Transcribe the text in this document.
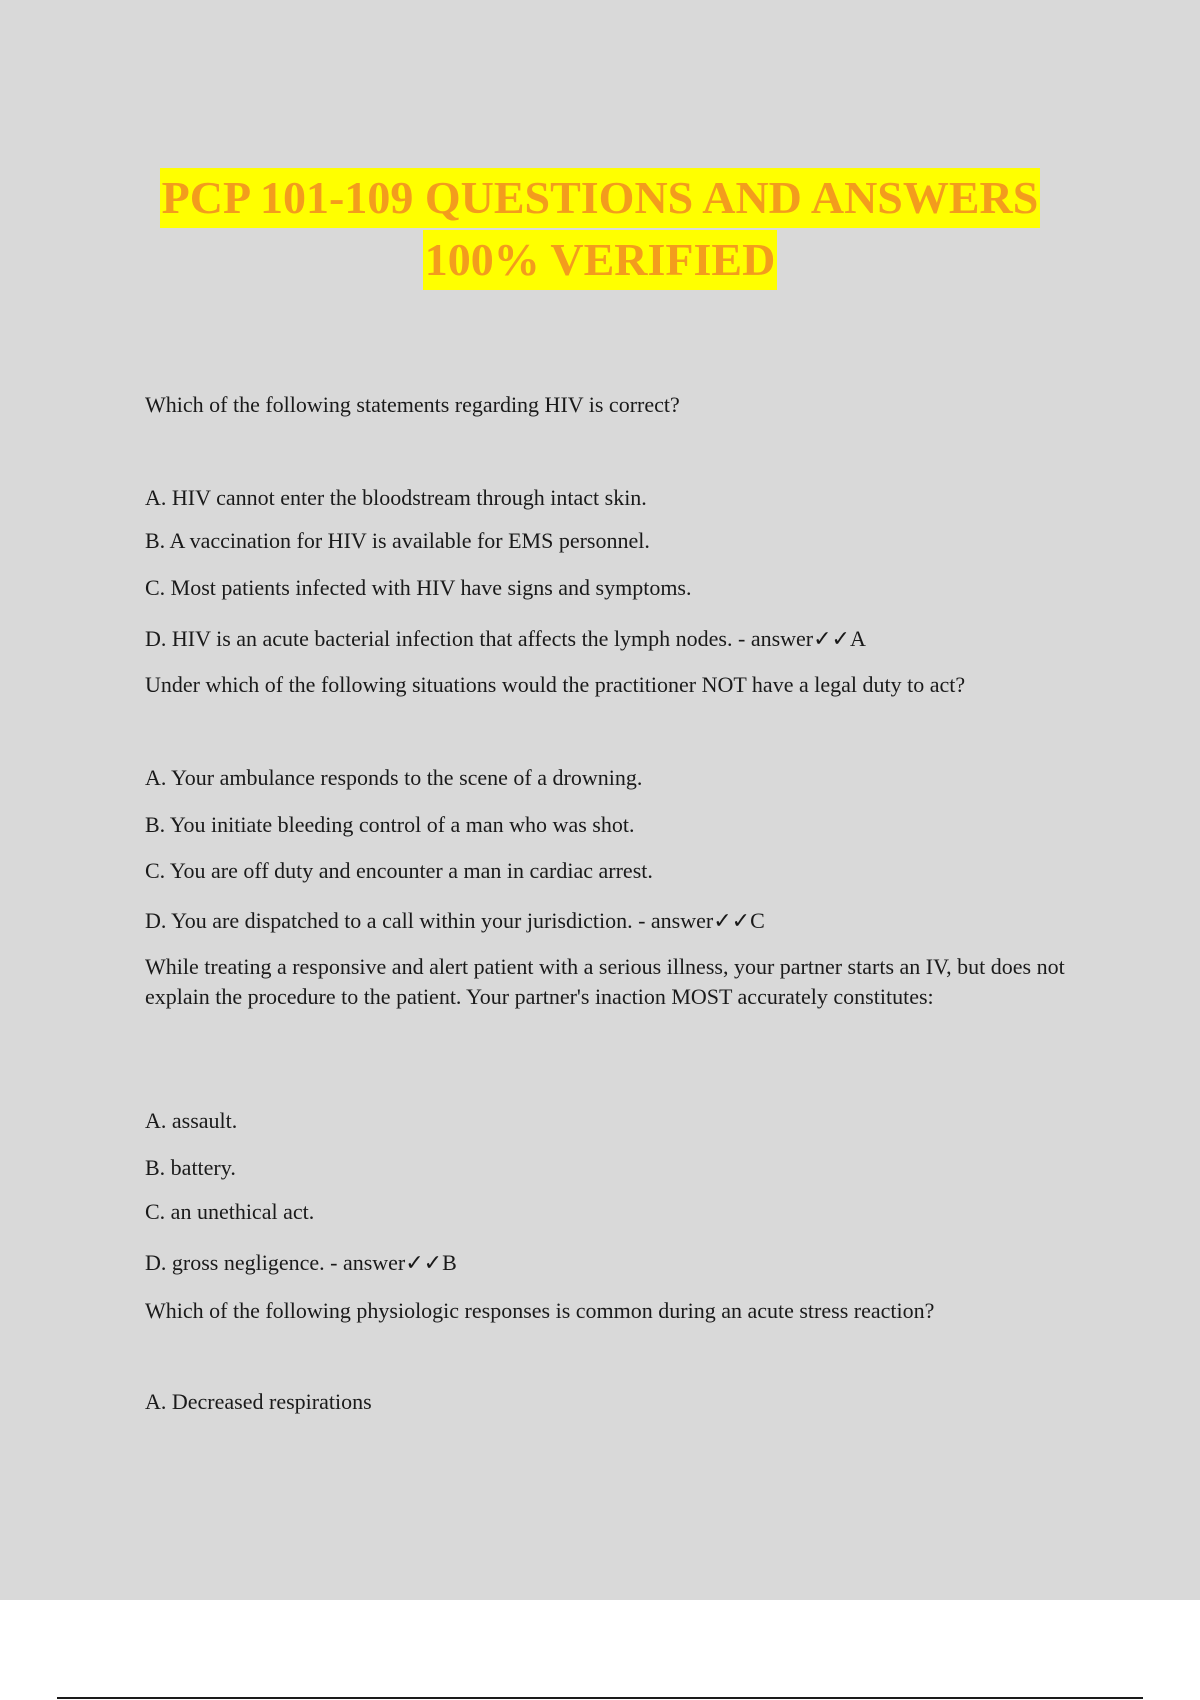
PCP 101-109 QUESTIONS AND ANSWERS
100% VERIFIED
Which of the following statements regarding HIV is correct?
A. HIV cannot enter the bloodstream through intact skin.
B. A vaccination for HIV is available for EMS personnel.
C. Most patients infected with HIV have signs and symptoms.
D. HIV is an acute bacterial infection that affects the lymph nodes. - answer✓✓A
Under which of the following situations would the practitioner NOT have a legal duty to act?
A. Your ambulance responds to the scene of a drowning.
B. You initiate bleeding control of a man who was shot.
C. You are off duty and encounter a man in cardiac arrest.
D. You are dispatched to a call within your jurisdiction. - answer✓✓C
While treating a responsive and alert patient with a serious illness, your partner starts an IV, but does not explain the procedure to the patient. Your partner's inaction MOST accurately constitutes:
A. assault.
B. battery.
C. an unethical act.
D. gross negligence. - answer✓✓B
Which of the following physiologic responses is common during an acute stress reaction?
A. Decreased respirations
